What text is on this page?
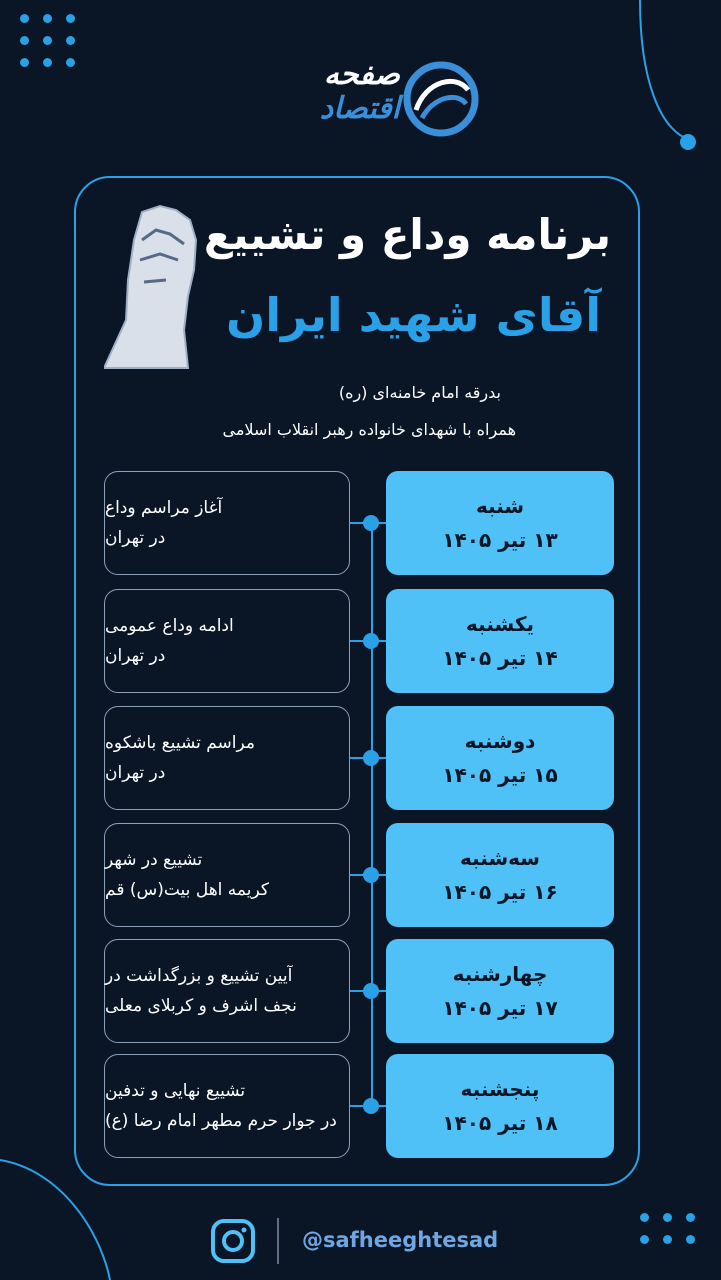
صفحه
اقتصاد
برنامه وداع و تشییع
آقای شهید ایران
بدرقه امام خامنه‌ای (ره)
همراه با شهدای خانواده رهبر انقلاب اسلامی
آغاز مراسم وداع
در تهران
شنبه
۱۳ تیر ۱۴۰۵
ادامه وداع عمومی
در تهران
یکشنبه
۱۴ تیر ۱۴۰۵
مراسم تشییع باشکوه
در تهران
دوشنبه
۱۵ تیر ۱۴۰۵
تشییع در شهر
کریمه اهل بیت(س) قم
سه‌شنبه
۱۶ تیر ۱۴۰۵
آیین تشییع و بزرگداشت در
نجف اشرف و کربلای معلی
چهارشنبه
۱۷ تیر ۱۴۰۵
تشییع نهایی و تدفین
در جوار حرم مطهر امام رضا (ع)
پنجشنبه
۱۸ تیر ۱۴۰۵
@safheeghtesad
